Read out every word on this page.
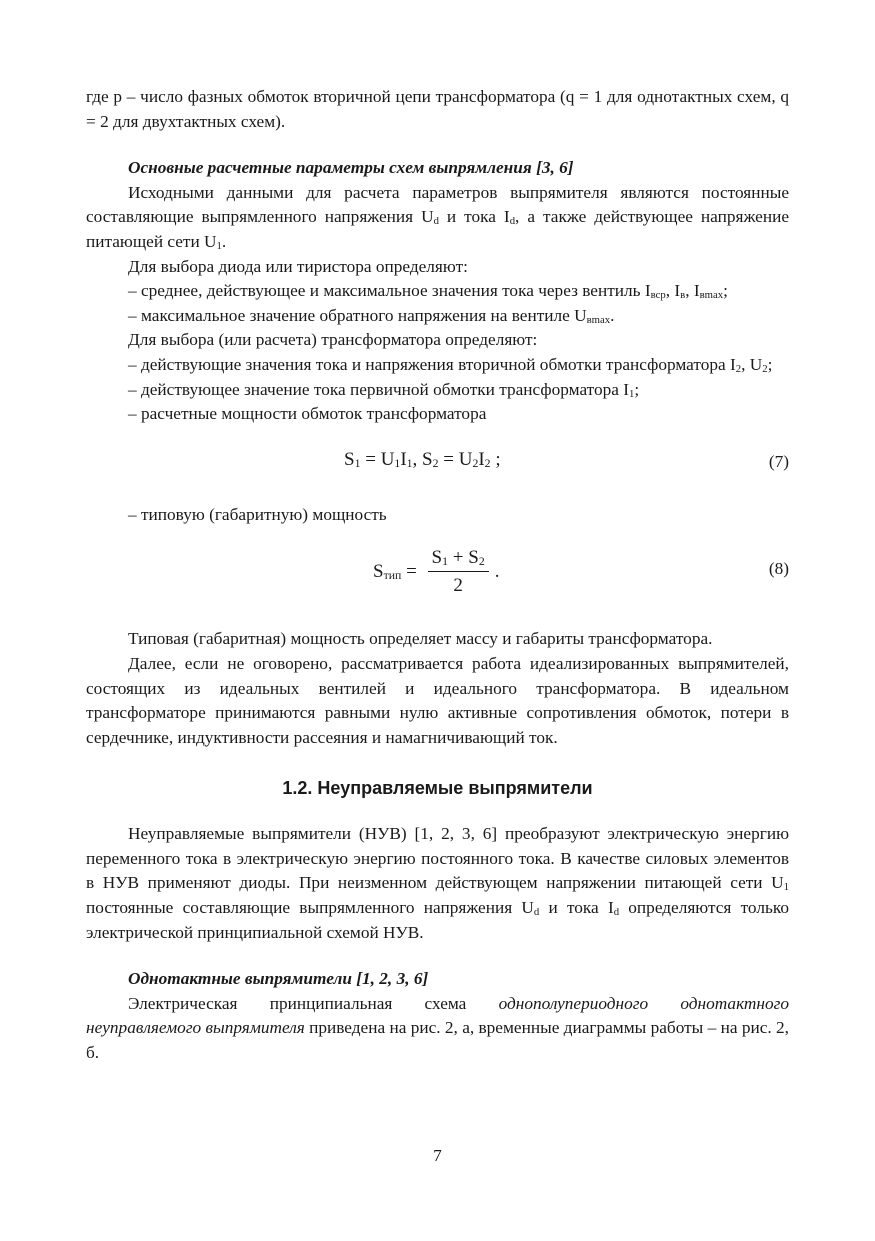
где p – число фазных обмоток вторичной цепи трансформатора (q = 1 для однотактных схем, q = 2 для двухтактных схем).

Основные расчетные параметры схем выпрямления [3, 6]

Исходными данными для расчета параметров выпрямителя являются постоянные составляющие выпрямленного напряжения $U_d$ и тока $I_d$, а также действующее напряжение питающей сети $U_1$.

Для выбора диода или тиристора определяют:

– среднее, действующее и максимальное значения тока через вентиль $I_{вср}$, $I_в$, $I_{вmax}$;

– максимальное значение обратного напряжения на вентиле $U_{вmax}$.

Для выбора (или расчета) трансформатора определяют:

– действующие значения тока и напряжения вторичной обмотки трансформатора $I_2$, $U_2$;

– действующее значение тока первичной обмотки трансформатора $I_1$;

– расчетные мощности обмоток трансформатора

$S_1 = U_1I_1$, $S_2 = U_2I_2$ ;	(7)

– типовую (габаритную) мощность

$S_{тип} = \frac{S_1 + S_2}{2}$ .	(8)

Типовая (габаритная) мощность определяет массу и габариты трансформатора.

Далее, если не оговорено, рассматривается работа идеализированных выпрямителей, состоящих из идеальных вентилей и идеального трансформатора. В идеальном трансформаторе принимаются равными нулю активные сопротивления обмоток, потери в сердечнике, индуктивности рассеяния и намагничивающий ток.

1.2. Неуправляемые выпрямители

Неуправляемые выпрямители (НУВ) [1, 2, 3, 6] преобразуют электрическую энергию переменного тока в электрическую энергию постоянного тока. В качестве силовых элементов в НУВ применяют диоды. При неизменном действующем напряжении питающей сети $U_1$ постоянные составляющие выпрямленного напряжения $U_d$ и тока $I_d$ определяются только электрической принципиальной схемой НУВ.

Однотактные выпрямители [1, 2, 3, 6]

Электрическая принципиальная схема однополупериодного однотактного неуправляемого выпрямителя приведена на рис. 2, а, временные диаграммы работы – на рис. 2, б.

7
